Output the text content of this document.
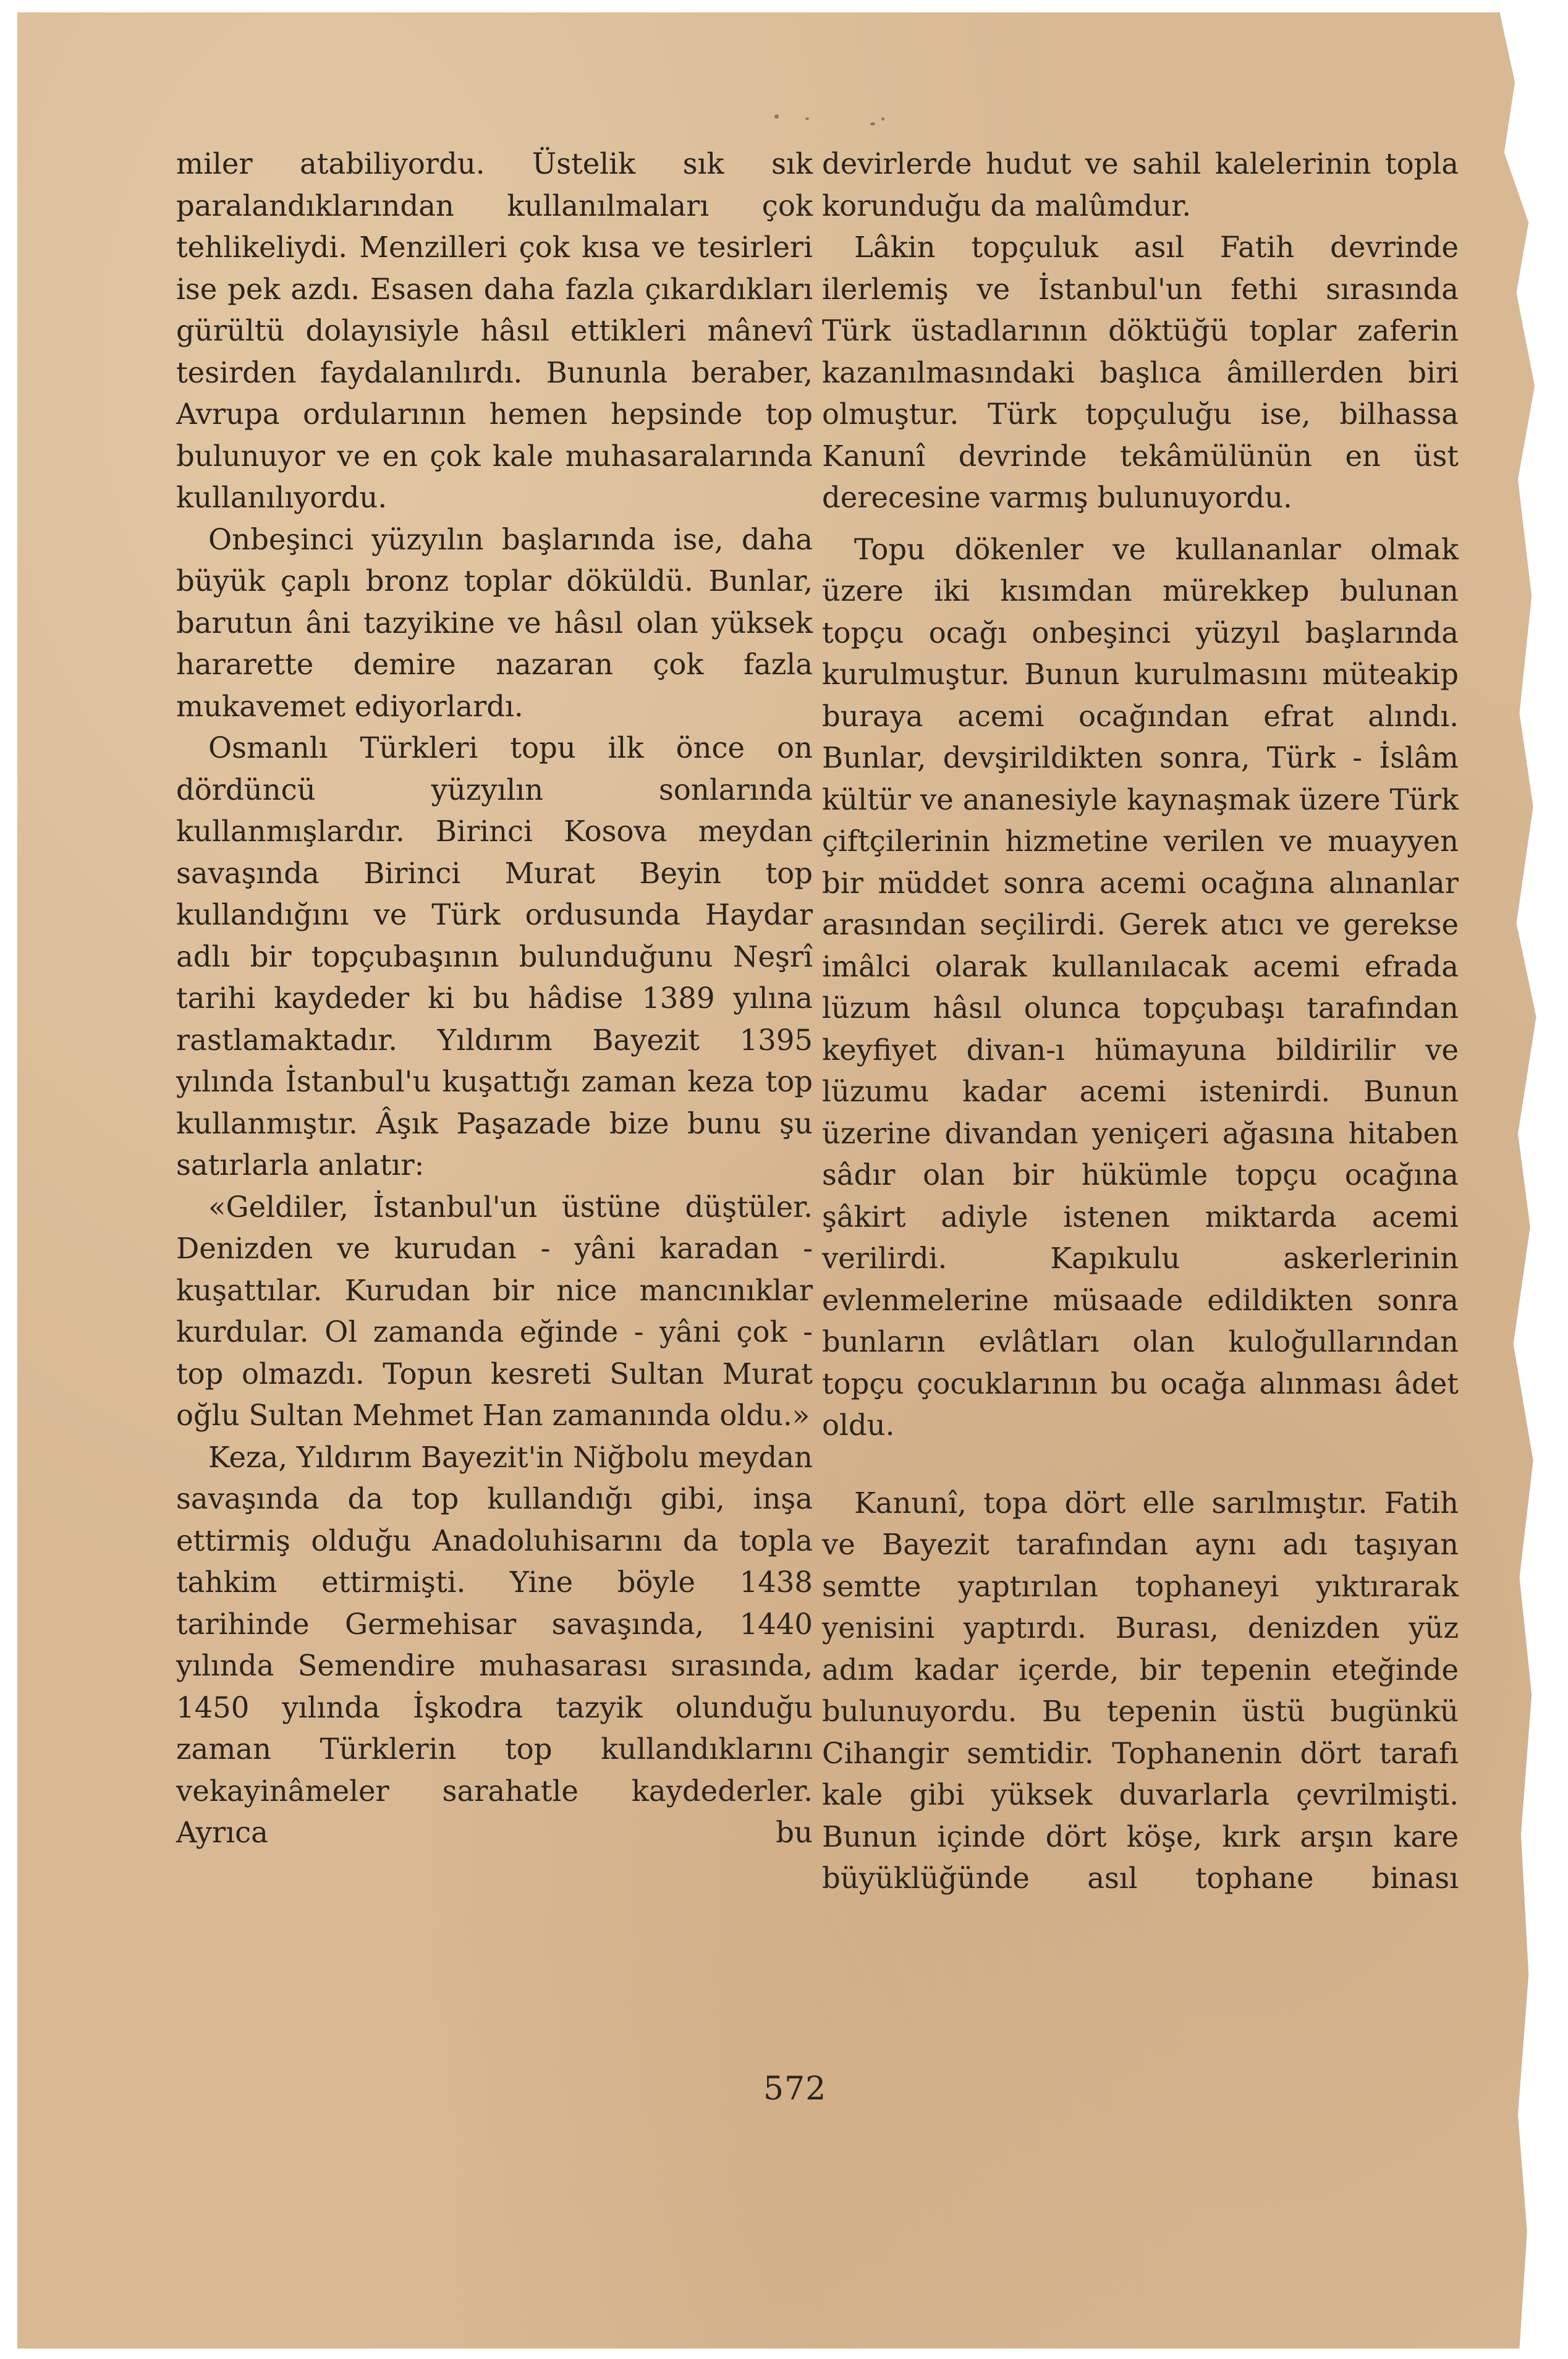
miler atabiliyordu. Üstelik sık sık paralandıklarından kullanılmaları çok tehlikeliydi. Menzilleri çok kısa ve tesirleri ise pek azdı. Esasen daha fazla çıkardıkları gürültü dolayısiyle hâsıl ettikleri mânevî tesirden faydalanılırdı. Bununla beraber, Avrupa ordularının hemen hepsinde top bulunuyor ve en çok kale muhasaralarında kullanılıyordu.

Onbeşinci yüzyılın başlarında ise, daha büyük çaplı bronz toplar döküldü. Bunlar, barutun âni tazyikine ve hâsıl olan yüksek hararette demire nazaran çok fazla mukavemet ediyorlardı.

Osmanlı Türkleri topu ilk önce on dördüncü yüzyılın sonlarında kullanmışlardır. Birinci Kosova meydan savaşında Birinci Murat Beyin top kullandığını ve Türk ordusunda Haydar adlı bir topçubaşının bulunduğunu Neşrî tarihi kaydeder ki bu hâdise 1389 yılına rastlamaktadır. Yıldırım Bayezit 1395 yılında İstanbul'u kuşattığı zaman keza top kullanmıştır. Âşık Paşazade bize bunu şu satırlarla anlatır:

«Geldiler, İstanbul'un üstüne düştüler. Denizden ve kurudan - yâni karadan - kuşattılar. Kurudan bir nice mancınıklar kurdular. Ol zamanda eğinde - yâni çok - top olmazdı. Topun kesreti Sultan Murat oğlu Sultan Mehmet Han zamanında oldu.»

Keza, Yıldırım Bayezit'in Niğbolu meydan savaşında da top kullandığı gibi, inşa ettirmiş olduğu Anadoluhisarını da topla tahkim ettirmişti. Yine böyle 1438 tarihinde Germehisar savaşında, 1440 yılında Semendire muhasarası sırasında, 1450 yılında İşkodra tazyik olunduğu zaman Türklerin top kullandıklarını vekayinâmeler sarahatle kaydederler. Ayrıca bu

devirlerde hudut ve sahil kalelerinin topla korunduğu da malûmdur.

Lâkin topçuluk asıl Fatih devrinde ilerlemiş ve İstanbul'un fethi sırasında Türk üstadlarının döktüğü toplar zaferin kazanılmasındaki başlıca âmillerden biri olmuştur. Türk topçuluğu ise, bilhassa Kanunî devrinde tekâmülünün en üst derecesine varmış bulunuyordu.

Topu dökenler ve kullananlar olmak üzere iki kısımdan mürekkep bulunan topçu ocağı onbeşinci yüzyıl başlarında kurulmuştur. Bunun kurulmasını müteakip buraya acemi ocağından efrat alındı. Bunlar, devşirildikten sonra, Türk - İslâm kültür ve ananesiyle kaynaşmak üzere Türk çiftçilerinin hizmetine verilen ve muayyen bir müddet sonra acemi ocağına alınanlar arasından seçilirdi. Gerek atıcı ve gerekse imâlci olarak kullanılacak acemi efrada lüzum hâsıl olunca topçubaşı tarafından keyfiyet divan-ı hümayuna bildirilir ve lüzumu kadar acemi istenirdi. Bunun üzerine divandan yeniçeri ağasına hitaben sâdır olan bir hükümle topçu ocağına şâkirt adiyle istenen miktarda acemi verilirdi. Kapıkulu askerlerinin evlenmelerine müsaade edildikten sonra bunların evlâtları olan kuloğullarından topçu çocuklarının bu ocağa alınması âdet oldu.

Kanunî, topa dört elle sarılmıştır. Fatih ve Bayezit tarafından aynı adı taşıyan semtte yaptırılan tophaneyi yıktırarak yenisini yaptırdı. Burası, denizden yüz adım kadar içerde, bir tepenin eteğinde bulunuyordu. Bu tepenin üstü bugünkü Cihangir semtidir. Tophanenin dört tarafı kale gibi yüksek duvarlarla çevrilmişti. Bunun içinde dört köşe, kırk arşın kare büyüklüğünde asıl tophane binası

572
